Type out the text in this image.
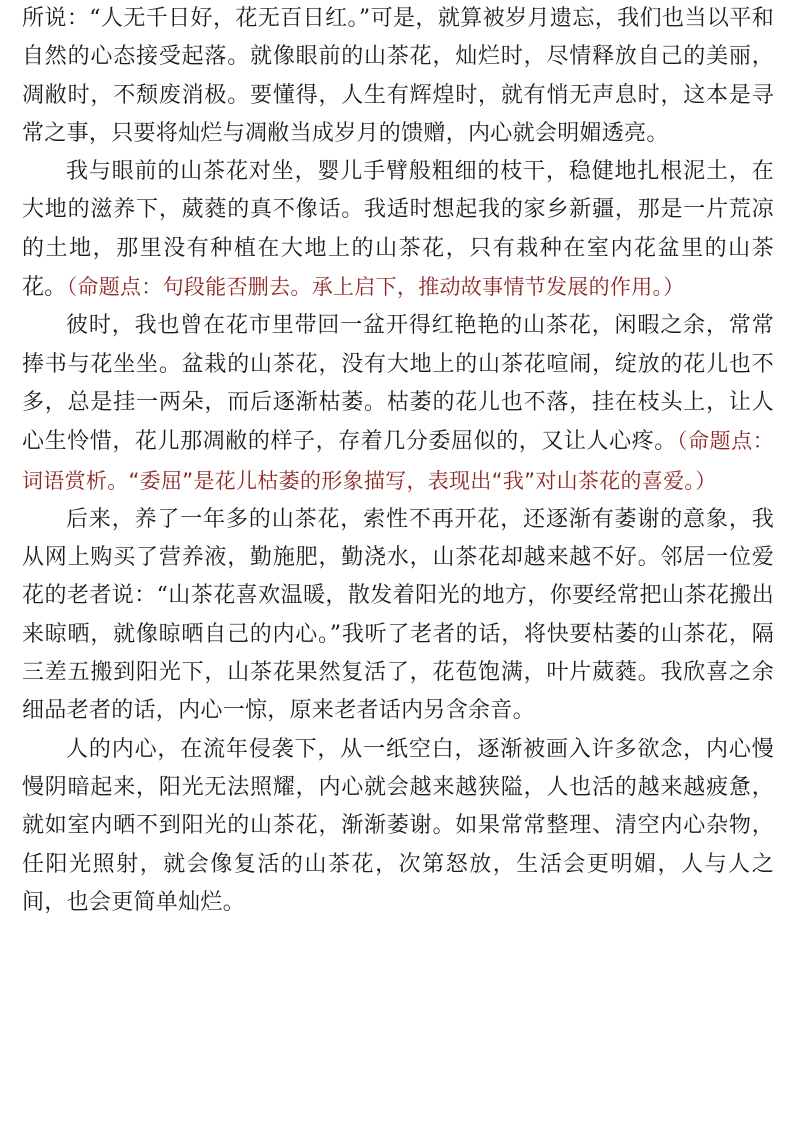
所说：“人无千日好，花无百日红。”可是，就算被岁月遗忘，我们也当以平和自然的心态接受起落。就像眼前的山茶花，灿烂时，尽情释放自己的美丽，凋敝时，不颓废消极。要懂得，人生有辉煌时，就有悄无声息时，这本是寻常之事，只要将灿烂与凋敝当成岁月的馈赠，内心就会明媚透亮。

我与眼前的山茶花对坐，婴儿手臂般粗细的枝干，稳健地扎根泥土，在大地的滋养下，葳蕤的真不像话。我适时想起我的家乡新疆，那是一片荒凉的土地，那里没有种植在大地上的山茶花，只有栽种在室内花盆里的山茶花。（命题点：句段能否删去。承上启下，推动故事情节发展的作用。）

彼时，我也曾在花市里带回一盆开得红艳艳的山茶花，闲暇之余，常常捧书与花坐坐。盆栽的山茶花，没有大地上的山茶花喧闹，绽放的花儿也不多，总是挂一两朵，而后逐渐枯萎。枯萎的花儿也不落，挂在枝头上，让人心生怜惜，花儿那凋敝的样子，存着几分委屈似的，又让人心疼。（命题点：词语赏析。“委屈”是花儿枯萎的形象描写，表现出“我”对山茶花的喜爱。）

后来，养了一年多的山茶花，索性不再开花，还逐渐有萎谢的意象，我从网上购买了营养液，勤施肥，勤浇水，山茶花却越来越不好。邻居一位爱花的老者说：“山茶花喜欢温暖，散发着阳光的地方，你要经常把山茶花搬出来晾晒，就像晾晒自己的内心。”我听了老者的话，将快要枯萎的山茶花，隔三差五搬到阳光下，山茶花果然复活了，花苞饱满，叶片葳蕤。我欣喜之余细品老者的话，内心一惊，原来老者话内另含余音。

人的内心，在流年侵袭下，从一纸空白，逐渐被画入许多欲念，内心慢慢阴暗起来，阳光无法照耀，内心就会越来越狭隘，人也活的越来越疲惫，就如室内晒不到阳光的山茶花，渐渐萎谢。如果常常整理、清空内心杂物，任阳光照射，就会像复活的山茶花，次第怒放，生活会更明媚，人与人之间，也会更简单灿烂。
